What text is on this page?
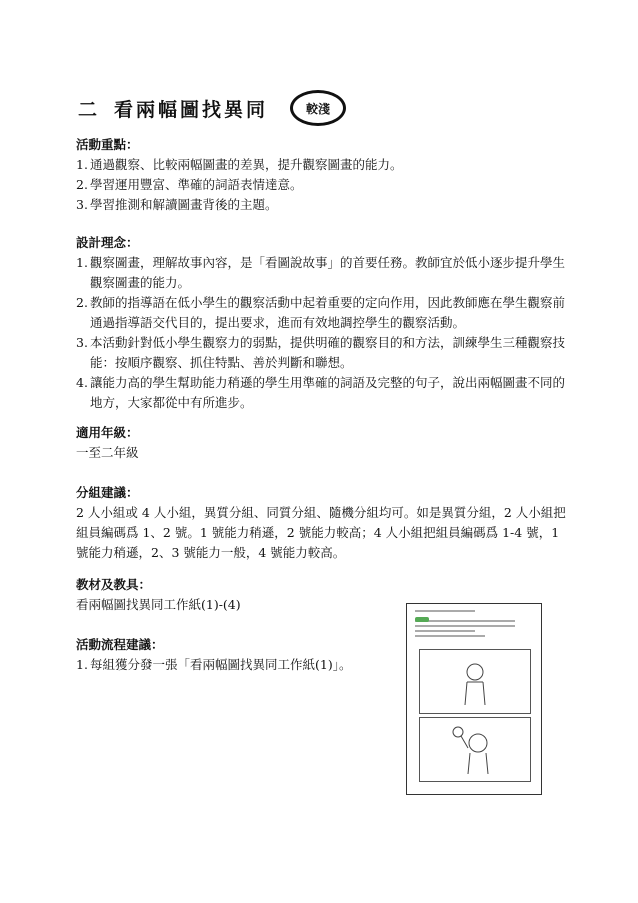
二 看兩幅圖找異同	較淺
活動重點：
1. 通過觀察、比較兩幅圖畫的差異，提升觀察圖畫的能力。
2. 學習運用豐富、準確的詞語表情達意。
3. 學習推測和解讀圖畫背後的主題。
設計理念：
1. 觀察圖畫，理解故事內容，是「看圖說故事」的首要任務。教師宜於低小逐步提升學生觀察圖畫的能力。
2. 教師的指導語在低小學生的觀察活動中起着重要的定向作用，因此教師應在學生觀察前通過指導語交代目的，提出要求，進而有效地調控學生的觀察活動。
3. 本活動針對低小學生觀察力的弱點，提供明確的觀察目的和方法，訓練學生三種觀察技能：按順序觀察、抓住特點、善於判斷和聯想。
4. 讓能力高的學生幫助能力稍遜的學生用準確的詞語及完整的句子，說出兩幅圖畫不同的地方，大家都從中有所進步。
適用年級：
一至二年級
分組建議：
2 人小組或 4 人小組，異質分組、同質分組、隨機分組均可。如是異質分組，2 人小組把組員編碼爲 1、2 號。1 號能力稍遜，2 號能力較高；4 人小組把組員編碼爲 1-4 號，1 號能力稍遜，2、3 號能力一般，4 號能力較高。
教材及教具：
看兩幅圖找異同工作紙(1)-(4)
活動流程建議：
1. 每組獲分發一張「看兩幅圖找異同工作紙(1)」。
